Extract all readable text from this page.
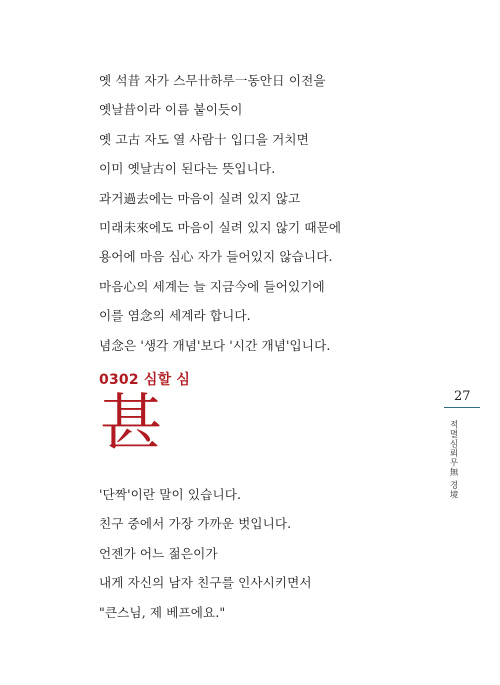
옛 석昔 자가 스무卄하루一동안日 이전을

옛날昔이라 이름 붙이듯이

옛 고古 자도 열 사람十 입口을 거치면

이미 옛날古이 된다는 뜻입니다.

과거過去에는 마음이 실려 있지 않고

미래未來에도 마음이 실려 있지 않기 때문에

용어에 마음 심心 자가 들어있지 않습니다.

마음心의 세계는 늘 지금今에 들어있기에

이를 염念의 세계라 합니다.

념念은 '생각 개념'보다 '시간 개념'입니다.

0302 심할 심
甚	27
적멸심뢰무無 경境

'단짝'이란 말이 있습니다.

친구 중에서 가장 가까운 벗입니다.

언젠가 어느 젊은이가

내게 자신의 남자 친구를 인사시키면서

"큰스님, 제 베프에요."
